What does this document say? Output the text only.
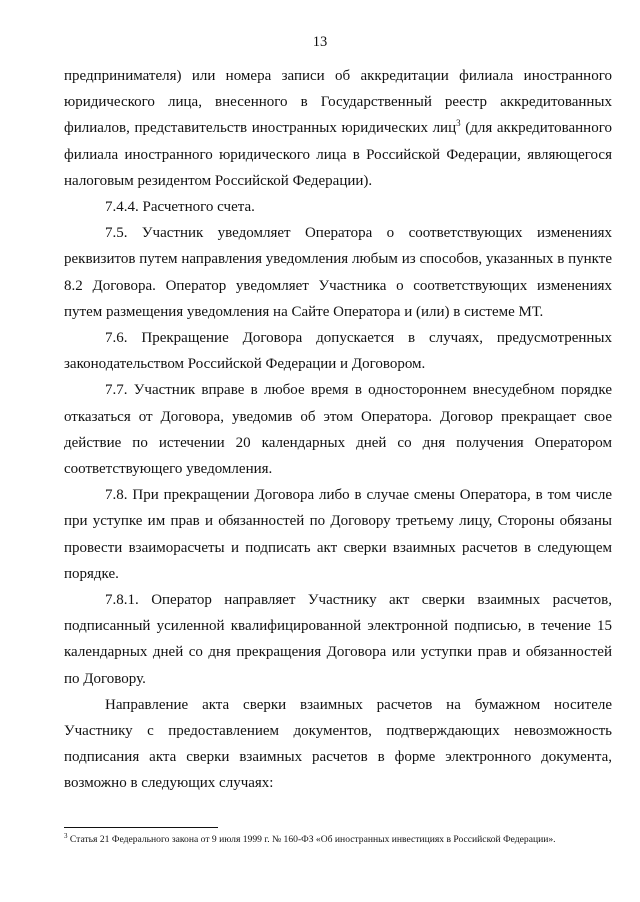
13

предпринимателя) или номера записи об аккредитации филиала иностранного юридического лица, внесенного в Государственный реестр аккредитованных филиалов, представительств иностранных юридических лиц$^3$ (для аккредитованного филиала иностранного юридического лица в Российской Федерации, являющегося налоговым резидентом Российской Федерации).

7.4.4. Расчетного счета.

7.5. Участник уведомляет Оператора о соответствующих изменениях реквизитов путем направления уведомления любым из способов, указанных в пункте 8.2 Договора. Оператор уведомляет Участника о соответствующих изменениях путем размещения уведомления на Сайте Оператора и (или) в системе МТ.

7.6. Прекращение Договора допускается в случаях, предусмотренных законодательством Российской Федерации и Договором.

7.7. Участник вправе в любое время в одностороннем внесудебном порядке отказаться от Договора, уведомив об этом Оператора. Договор прекращает свое действие по истечении 20 календарных дней со дня получения Оператором соответствующего уведомления.

7.8. При прекращении Договора либо в случае смены Оператора, в том числе при уступке им прав и обязанностей по Договору третьему лицу, Стороны обязаны провести взаиморасчеты и подписать акт сверки взаимных расчетов в следующем порядке.

7.8.1. Оператор направляет Участнику акт сверки взаимных расчетов, подписанный усиленной квалифицированной электронной подписью, в течение 15 календарных дней со дня прекращения Договора или уступки прав и обязанностей по Договору.

Направление акта сверки взаимных расчетов на бумажном носителе Участнику с предоставлением документов, подтверждающих невозможность подписания акта сверки взаимных расчетов в форме электронного документа, возможно в следующих случаях:

$^3$ Статья 21 Федерального закона от 9 июля 1999 г. № 160-ФЗ «Об иностранных инвестициях в Российской Федерации».
